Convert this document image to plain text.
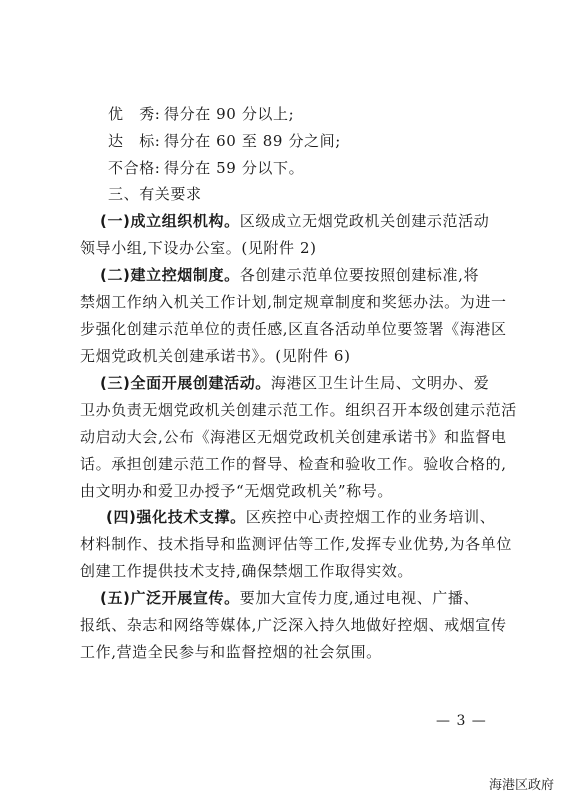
优　秀: 得分在 90 分以上;
达　标: 得分在 60 至 89 分之间;
不合格: 得分在 59 分以下。
三、有关要求
(一)成立组织机构。区级成立无烟党政机关创建示范活动
领导小组,下设办公室。(见附件 2)
(二)建立控烟制度。各创建示范单位要按照创建标准,将
禁烟工作纳入机关工作计划,制定规章制度和奖惩办法。为进一
步强化创建示范单位的责任感,区直各活动单位要签署《海港区
无烟党政机关创建承诺书》。(见附件 6)
(三)全面开展创建活动。海港区卫生计生局、文明办、爱
卫办负责无烟党政机关创建示范工作。组织召开本级创建示范活
动启动大会,公布《海港区无烟党政机关创建承诺书》和监督电
话。承担创建示范工作的督导、检查和验收工作。验收合格的,
由文明办和爱卫办授予“无烟党政机关”称号。
(四)强化技术支撑。区疾控中心责控烟工作的业务培训、
材料制作、技术指导和监测评估等工作,发挥专业优势,为各单位
创建工作提供技术支持,确保禁烟工作取得实效。
(五)广泛开展宣传。要加大宣传力度,通过电视、广播、
报纸、杂志和网络等媒体,广泛深入持久地做好控烟、戒烟宣传
工作,营造全民参与和监督控烟的社会氛围。
— 3 —
海港区政府
